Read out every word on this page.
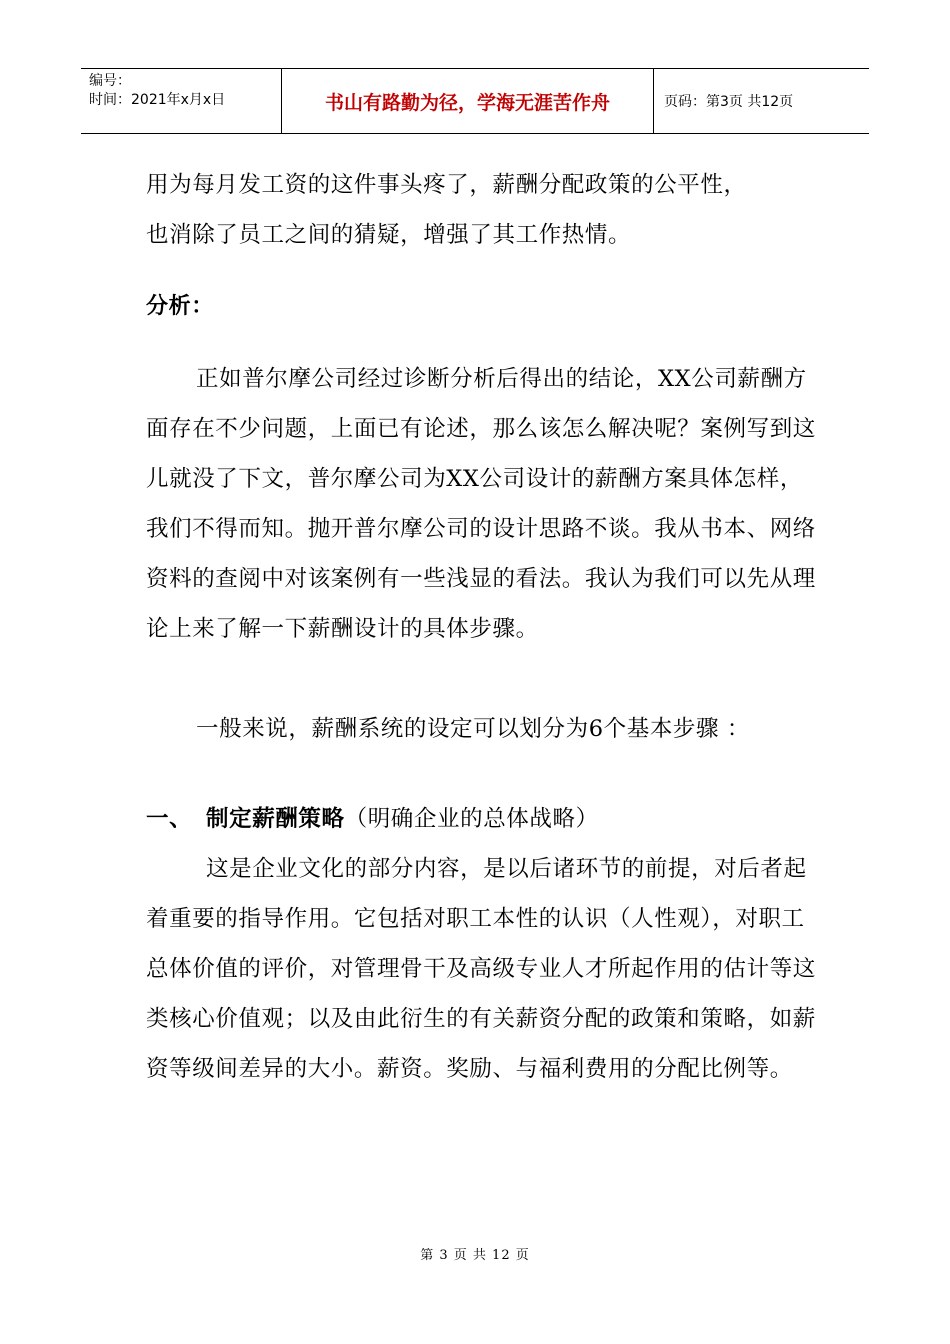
编号：
时间：2021年x月x日	书山有路勤为径，学海无涯苦作舟	页码：第3页 共12页

用为每月发工资的这件事头疼了，薪酬分配政策的公平性，

也消除了员工之间的猜疑，增强了其工作热情。

分析：

正如普尔摩公司经过诊断分析后得出的结论，XX公司薪酬方面存在不少问题，上面已有论述，那么该怎么解决呢？案例写到这儿就没了下文，普尔摩公司为XX公司设计的薪酬方案具体怎样，我们不得而知。抛开普尔摩公司的设计思路不谈。我从书本、网络资料的查阅中对该案例有一些浅显的看法。我认为我们可以先从理论上来了解一下薪酬设计的具体步骤。

一般来说，薪酬系统的设定可以划分为6个基本步骤 ：

一、 制定薪酬策略（明确企业的总体战略）

这是企业文化的部分内容，是以后诸环节的前提，对后者起着重要的指导作用。它包括对职工本性的认识（人性观），对职工总体价值的评价，对管理骨干及高级专业人才所起作用的估计等这类核心价值观；以及由此衍生的有关薪资分配的政策和策略，如薪资等级间差异的大小。薪资。奖励、与福利费用的分配比例等。

第 3 页 共 12 页
